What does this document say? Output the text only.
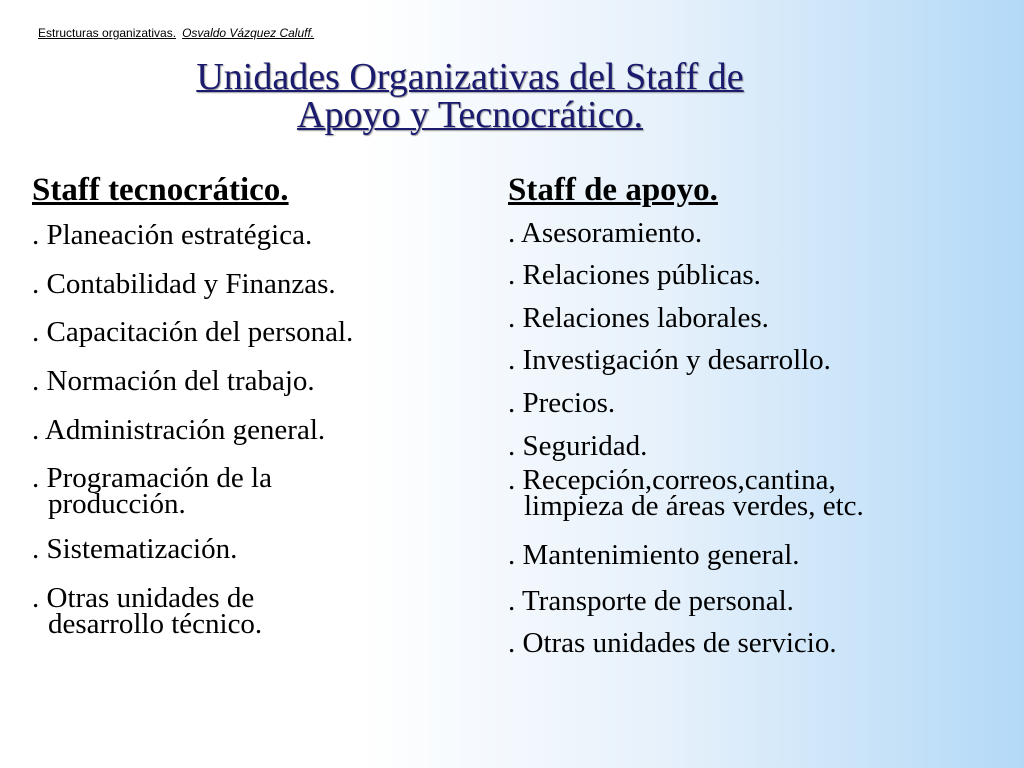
Estructuras organizativas. Osvaldo Vázquez Caluff.
Unidades Organizativas del Staff de
Apoyo y Tecnocrático.
Staff tecnocrático.
. Planeación estratégica.
. Contabilidad y Finanzas.
. Capacitación del personal.
. Normación del trabajo.
. Administración general.
. Programación de la
producción.
. Sistematización.
. Otras unidades de
desarrollo técnico.
Staff de apoyo.
. Asesoramiento.
. Relaciones públicas.
. Relaciones laborales.
. Investigación y desarrollo.
. Precios.
. Seguridad.
. Recepción,correos,cantina,
limpieza de áreas verdes, etc.
. Mantenimiento general.
. Transporte de personal.
. Otras unidades de servicio.
